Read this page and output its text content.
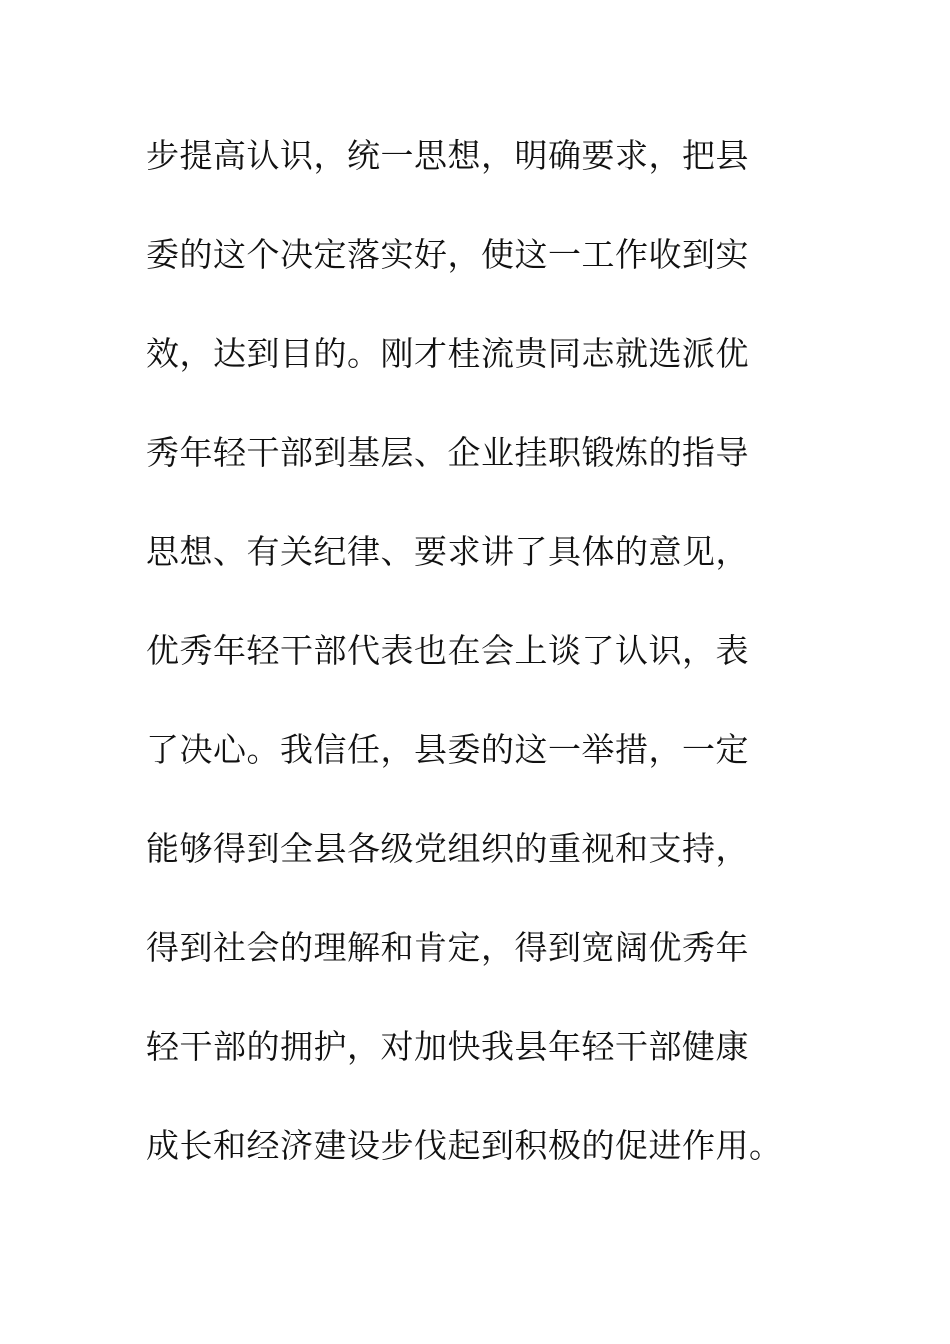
步提高认识，统一思想，明确要求，把县
委的这个决定落实好，使这一工作收到实
效，达到目的。刚才桂流贵同志就选派优
秀年轻干部到基层、企业挂职锻炼的指导
思想、有关纪律、要求讲了具体的意见，
优秀年轻干部代表也在会上谈了认识，表
了决心。我信任，县委的这一举措，一定
能够得到全县各级党组织的重视和支持，
得到社会的理解和肯定，得到宽阔优秀年
轻干部的拥护，对加快我县年轻干部健康
成长和经济建设步伐起到积极的促进作用。
